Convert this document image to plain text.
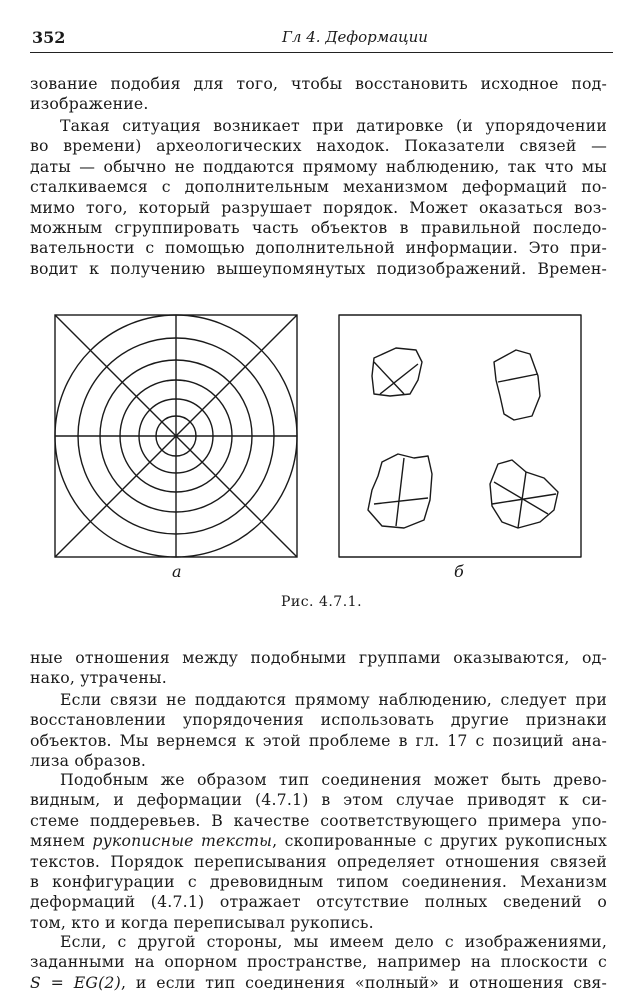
352	Гл 4. Деформации
зование подобия для того, чтобы восстановить исходное под-
изображение.
Такая ситуация возникает при датировке (и упорядочении
во времени) археологических находок. Показатели связей —
даты — обычно не поддаются прямому наблюдению, так что мы
сталкиваемся с дополнительным механизмом деформаций по-
мимо того, который разрушает порядок. Может оказаться воз-
можным сгруппировать часть объектов в правильной последо-
вательности с помощью дополнительной информации. Это при-
водит к получению вышеупомянутых подизображений. Времен-
а	б
Рис. 4.7.1.
ные отношения между подобными группами оказываются, од-
нако, утрачены.
Если связи не поддаются прямому наблюдению, следует при
восстановлении упорядочения использовать другие признаки
объектов. Мы вернемся к этой проблеме в гл. 17 с позиций ана-
лиза образов.
Подобным же образом тип соединения может быть древо-
видным, и деформации (4.7.1) в этом случае приводят к си-
стеме поддеревьев. В качестве соответствующего примера упо-
мянем рукописные тексты, скопированные с других рукописных
текстов. Порядок переписывания определяет отношения связей
в конфигурации с древовидным типом соединения. Механизм
деформаций (4.7.1) отражает отсутствие полных сведений о
том, кто и когда переписывал рукопись.
Если, с другой стороны, мы имеем дело с изображениями,
заданными на опорном пространстве, например на плоскости с
S = EG(2), и если тип соединения «полный» и отношения свя-
